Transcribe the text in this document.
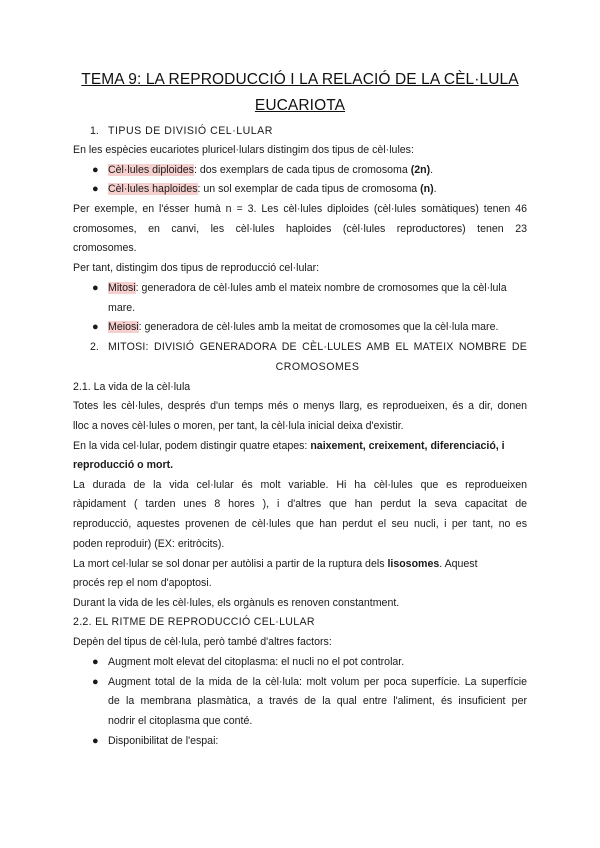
TEMA 9: LA REPRODUCCIÓ I LA RELACIÓ DE LA CÈL·LULA
EUCARIOTA
1. TIPUS DE DIVISIÓ CEL·LULAR
En les espècies eucariotes pluricel·lulars distingim dos tipus de cèl·lules:
● Cèl·lules diploides: dos exemplars de cada tipus de cromosoma (2n).
● Cèl·lules haploides: un sol exemplar de cada tipus de cromosoma (n).
Per exemple, en l'ésser humà n = 3. Les cèl·lules diploides (cèl·lules somàtiques) tenen 46
cromosomes, en canvi, les cèl·lules haploides (cèl·lules reproductores) tenen 23
cromosomes.
Per tant, distingim dos tipus de reproducció cel·lular:
● Mitosi: generadora de cèl·lules amb el mateix nombre de cromosomes que la cèl·lula
mare.
● Meiosi: generadora de cèl·lules amb la meitat de cromosomes que la cèl·lula mare.
2. MITOSI: DIVISIÓ GENERADORA DE CÈL·LULES AMB EL MATEIX NOMBRE DE
CROMOSOMES
2.1. La vida de la cèl·lula
Totes les cèl·lules, després d'un temps més o menys llarg, es reprodueixen, és a dir, donen
lloc a noves cèl·lules o moren, per tant, la cèl·lula inicial deixa d'existir.
En la vida cel·lular, podem distingir quatre etapes: naixement, creixement, diferenciació, i
reproducció o mort.
La durada de la vida cel·lular és molt variable. Hi ha cèl·lules que es reprodueixen
ràpidament ( tarden unes 8 hores ), i d'altres que han perdut la seva capacitat de
reproducció, aquestes provenen de cèl·lules que han perdut el seu nucli, i per tant, no es
poden reproduir) (EX: eritròcits).
La mort cel·lular se sol donar per autòlisi a partir de la ruptura dels lisosomes. Aquest
procés rep el nom d'apoptosi.
Durant la vida de les cèl·lules, els orgànuls es renoven constantment.
2.2. EL RITME DE REPRODUCCIÓ CEL·LULAR
Depèn del tipus de cèl·lula, però també d'altres factors:
● Augment molt elevat del citoplasma: el nucli no el pot controlar.
● Augment total de la mida de la cèl·lula: molt volum per poca superfície. La superfície
de la membrana plasmàtica, a través de la qual entre l'aliment, és insuficient per
nodrir el citoplasma que conté.
● Disponibilitat de l'espai:
